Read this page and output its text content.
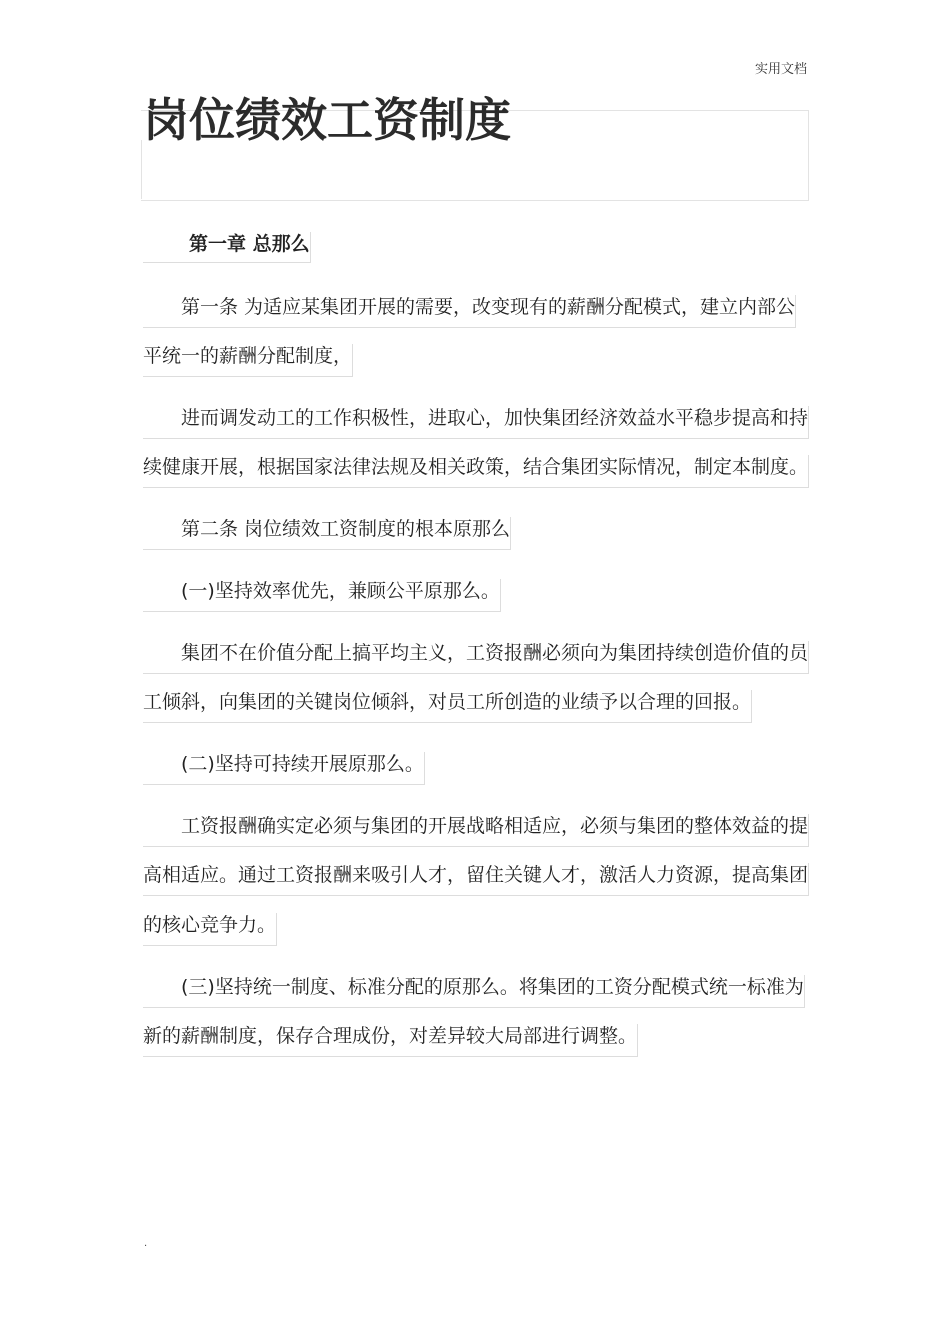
实用文档
岗位绩效工资制度
第一章 总那么
第一条 为适应某集团开展的需要，改变现有的薪酬分配模式，建立内部公
平统一的薪酬分配制度，
进而调发动工的工作积极性，进取心，加快集团经济效益水平稳步提高和持
续健康开展，根据国家法律法规及相关政策，结合集团实际情况，制定本制度。
第二条 岗位绩效工资制度的根本原那么
(一)坚持效率优先，兼顾公平原那么。
集团不在价值分配上搞平均主义，工资报酬必须向为集团持续创造价值的员
工倾斜，向集团的关键岗位倾斜，对员工所创造的业绩予以合理的回报。
(二)坚持可持续开展原那么。
工资报酬确实定必须与集团的开展战略相适应，必须与集团的整体效益的提
高相适应。通过工资报酬来吸引人才，留住关键人才，激活人力资源，提高集团
的核心竞争力。
(三)坚持统一制度、标准分配的原那么。将集团的工资分配模式统一标准为
新的薪酬制度，保存合理成份，对差异较大局部进行调整。
.
